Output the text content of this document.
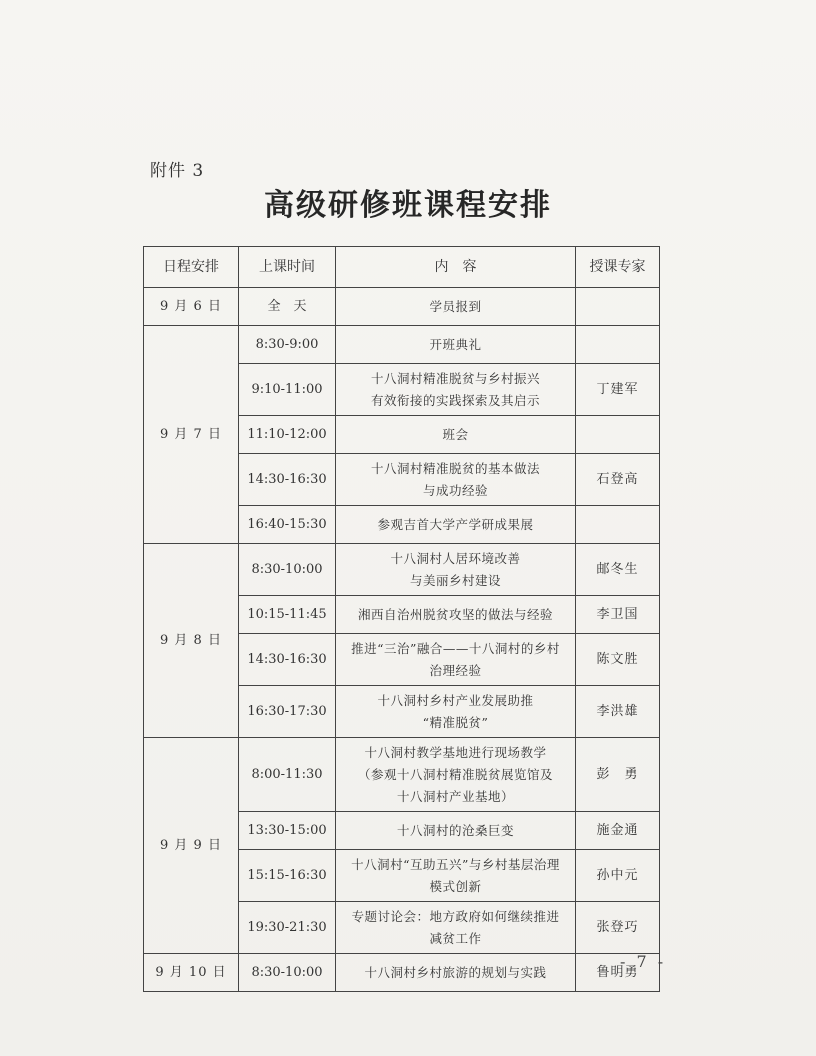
附件 3
高级研修班课程安排
日程安排	上课时间	内　容	授课专家
9 月 6 日	全　天	学员报到	

9 月 7 日	8:30-9:00	开班典礼	

	9:10-11:00	十八洞村精准脱贫与乡村振兴
有效衔接的实践探索及其启示	丁建军
	11:10-12:00	班会	

	14:30-16:30	十八洞村精准脱贫的基本做法
与成功经验	石登高
	16:40-15:30	参观吉首大学产学研成果展	

9 月 8 日	8:30-10:00	十八洞村人居环境改善
与美丽乡村建设	邮冬生
	10:15-11:45	湘西自治州脱贫攻坚的做法与经验	李卫国
	14:30-16:30	推进“三治”融合——十八洞村的乡村
治理经验	陈文胜
	16:30-17:30	十八洞村乡村产业发展助推
“精准脱贫”	李洪雄
9 月 9 日	8:00-11:30	十八洞村教学基地进行现场教学
（参观十八洞村精准脱贫展览馆及
十八洞村产业基地）	彭　勇
	13:30-15:00	十八洞村的沧桑巨变	施金通
	15:15-16:30	十八洞村“互助五兴”与乡村基层治理
模式创新	孙中元
	19:30-21:30	专题讨论会：地方政府如何继续推进
减贫工作	张登巧
9 月 10 日	8:30-10:00	十八洞村乡村旅游的规划与实践	鲁明勇
- 7 -
